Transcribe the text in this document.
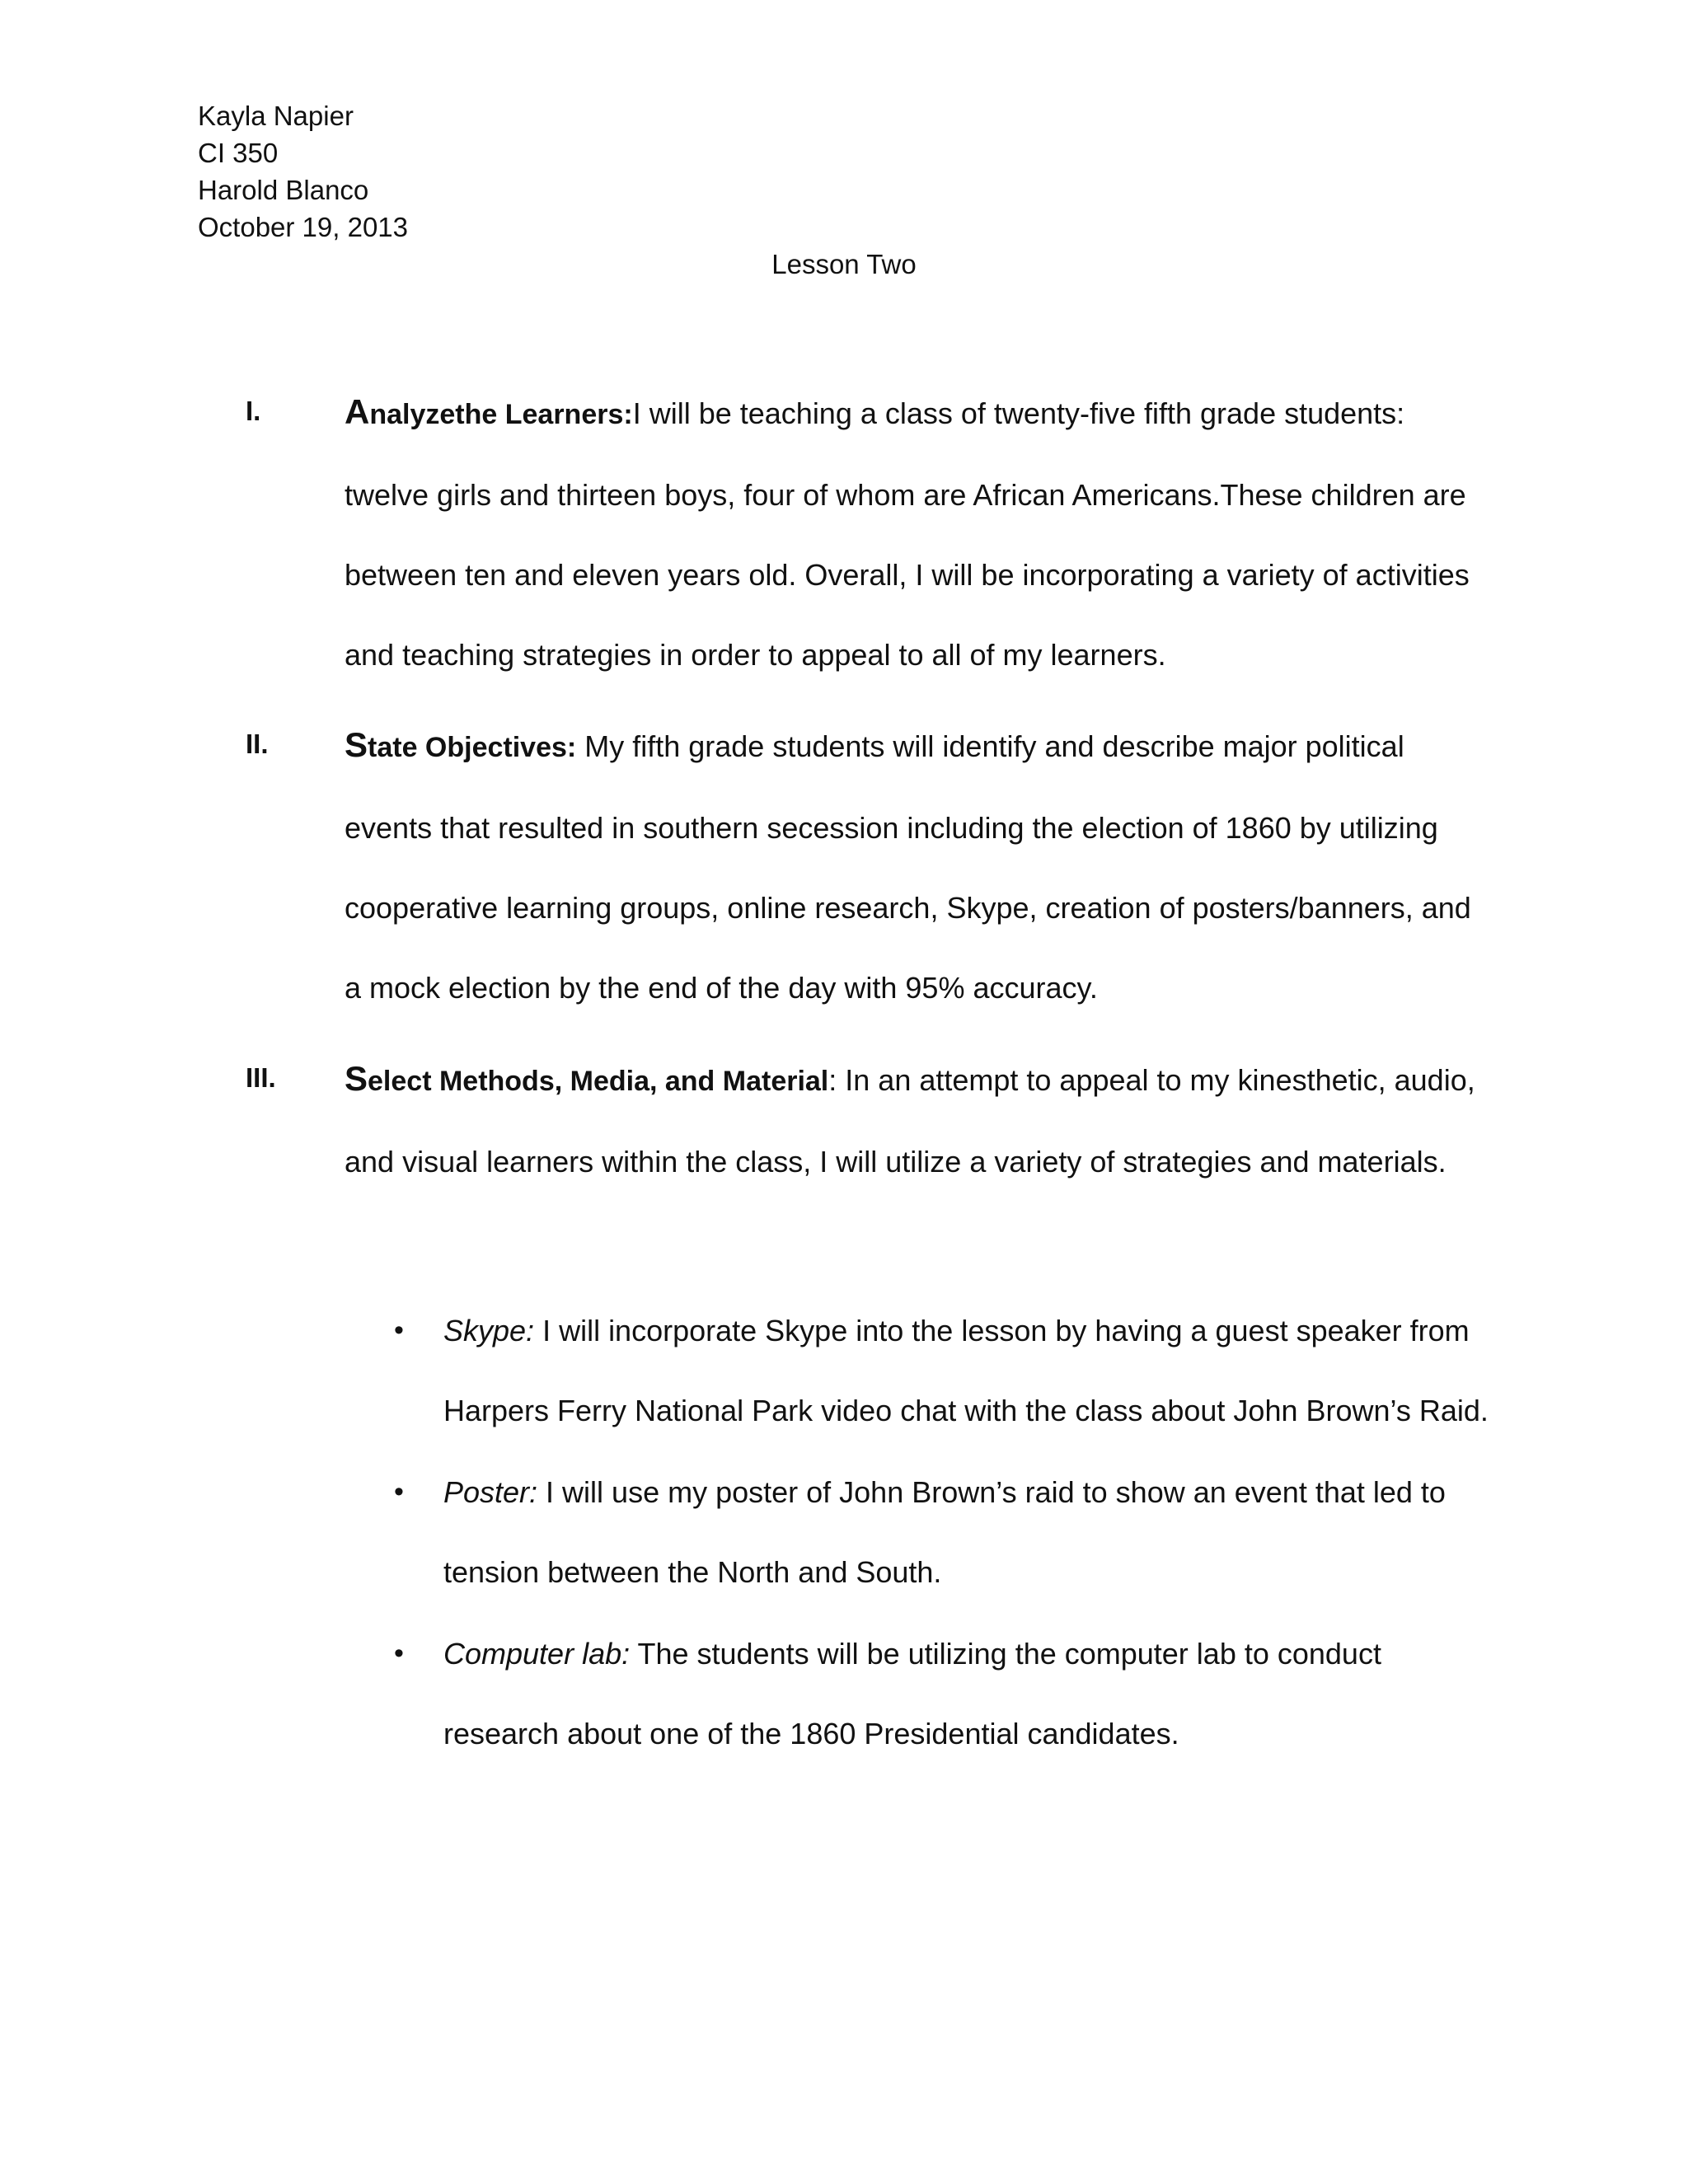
Kayla Napier
CI 350
Harold Blanco
October 19, 2013
Lesson Two
I. Analyzethe Learners:I will be teaching a class of twenty-five fifth grade students: twelve girls and thirteen boys, four of whom are African Americans.These children are between ten and eleven years old. Overall, I will be incorporating a variety of activities and teaching strategies in order to appeal to all of my learners.
II. State Objectives: My fifth grade students will identify and describe major political events that resulted in southern secession including the election of 1860 by utilizing cooperative learning groups, online research, Skype, creation of posters/banners, and a mock election by the end of the day with 95% accuracy.
III. Select Methods, Media, and Material: In an attempt to appeal to my kinesthetic, audio, and visual learners within the class, I will utilize a variety of strategies and materials.
• Skype: I will incorporate Skype into the lesson by having a guest speaker from Harpers Ferry National Park video chat with the class about John Brown’s Raid.
• Poster: I will use my poster of John Brown’s raid to show an event that led to tension between the North and South.
• Computer lab: The students will be utilizing the computer lab to conduct research about one of the 1860 Presidential candidates.
